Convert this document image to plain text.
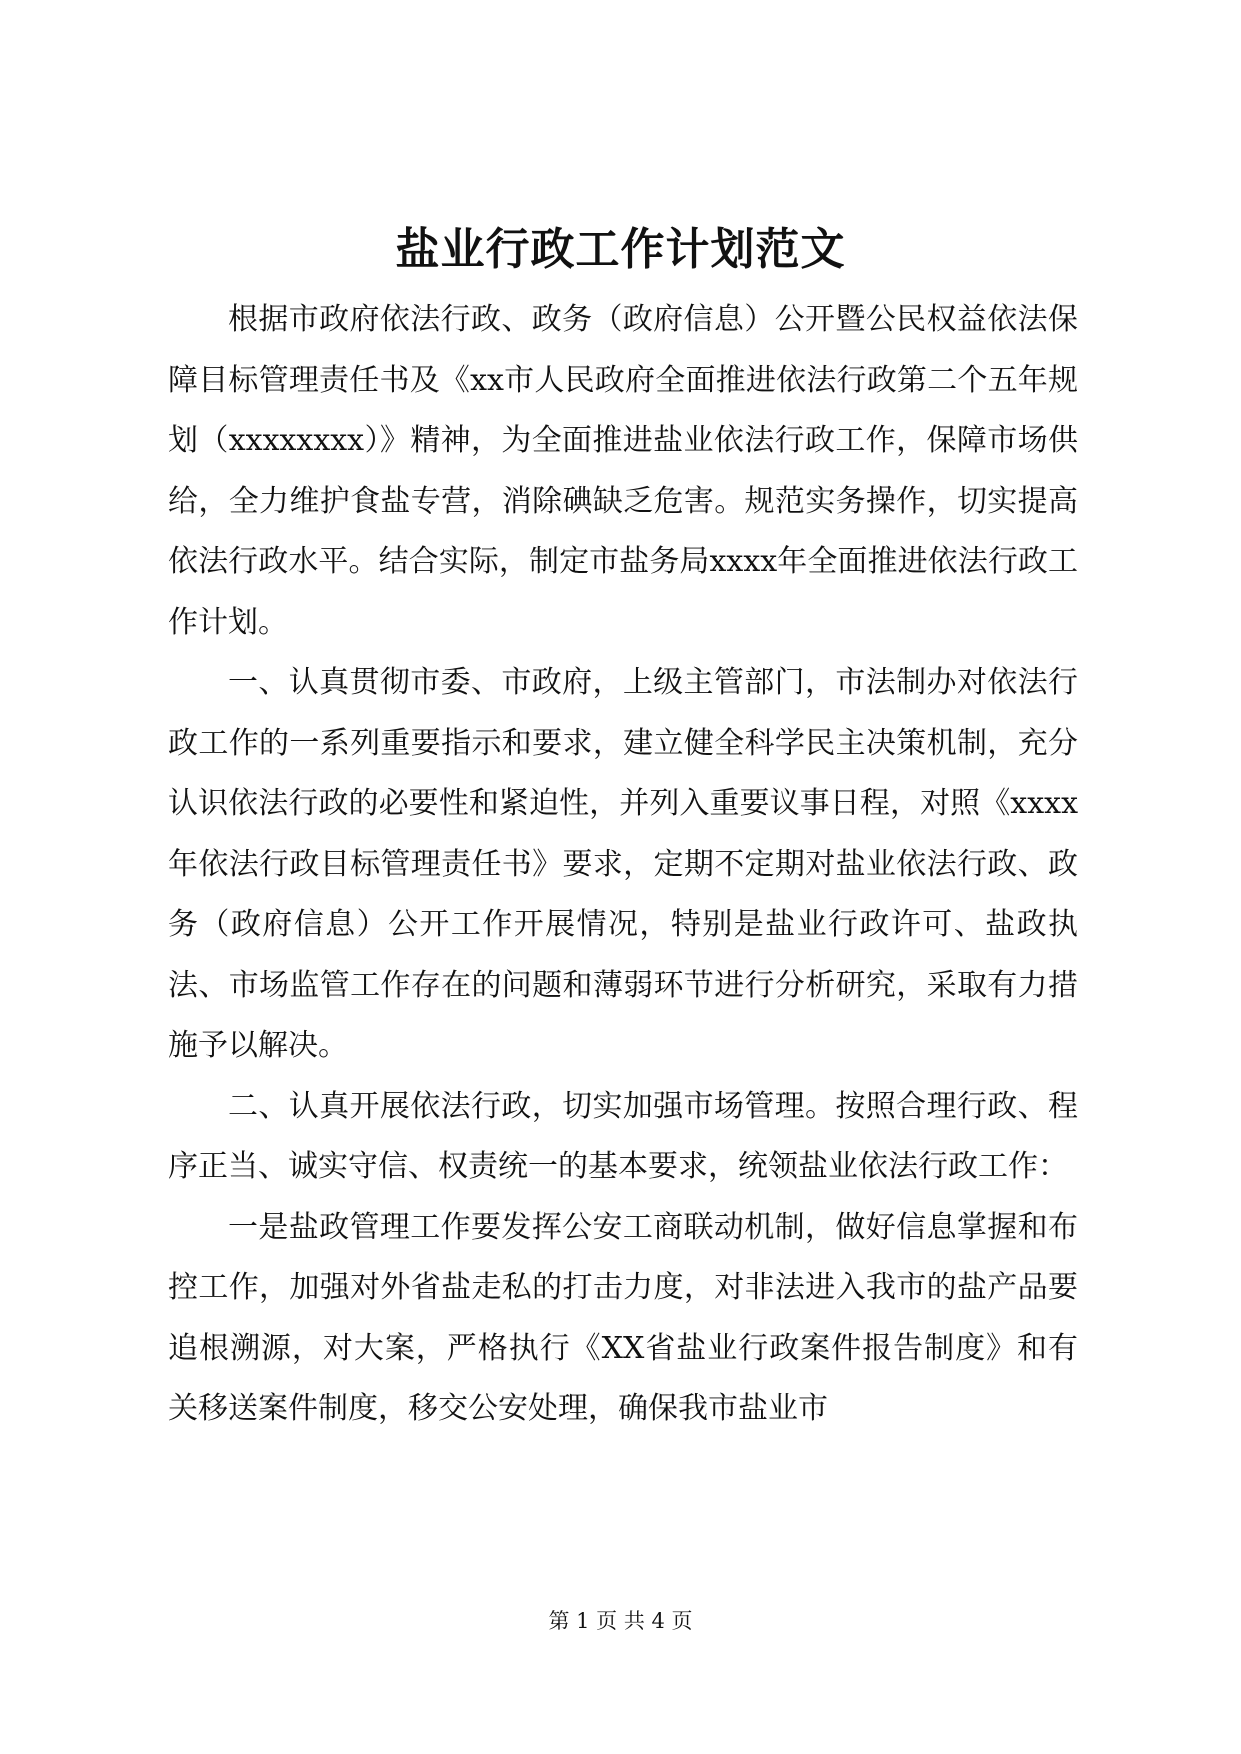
盐业行政工作计划范文

根据市政府依法行政、政务（政府信息）公开暨公民权益依法保障目标管理责任书及《xx市人民政府全面推进依法行政第二个五年规划（xxxxxxxx）》精神，为全面推进盐业依法行政工作，保障市场供给，全力维护食盐专营，消除碘缺乏危害。规范实务操作，切实提高依法行政水平。结合实际，制定市盐务局xxxx年全面推进依法行政工作计划。

一、认真贯彻市委、市政府，上级主管部门，市法制办对依法行政工作的一系列重要指示和要求，建立健全科学民主决策机制，充分认识依法行政的必要性和紧迫性，并列入重要议事日程，对照《xxxx年依法行政目标管理责任书》要求，定期不定期对盐业依法行政、政务（政府信息）公开工作开展情况，特别是盐业行政许可、盐政执法、市场监管工作存在的问题和薄弱环节进行分析研究，采取有力措施予以解决。

二、认真开展依法行政，切实加强市场管理。按照合理行政、程序正当、诚实守信、权责统一的基本要求，统领盐业依法行政工作：

一是盐政管理工作要发挥公安工商联动机制，做好信息掌握和布控工作，加强对外省盐走私的打击力度，对非法进入我市的盐产品要追根溯源，对大案，严格执行《XX省盐业行政案件报告制度》和有关移送案件制度，移交公安处理，确保我市盐业市

第 1 页 共 4 页
